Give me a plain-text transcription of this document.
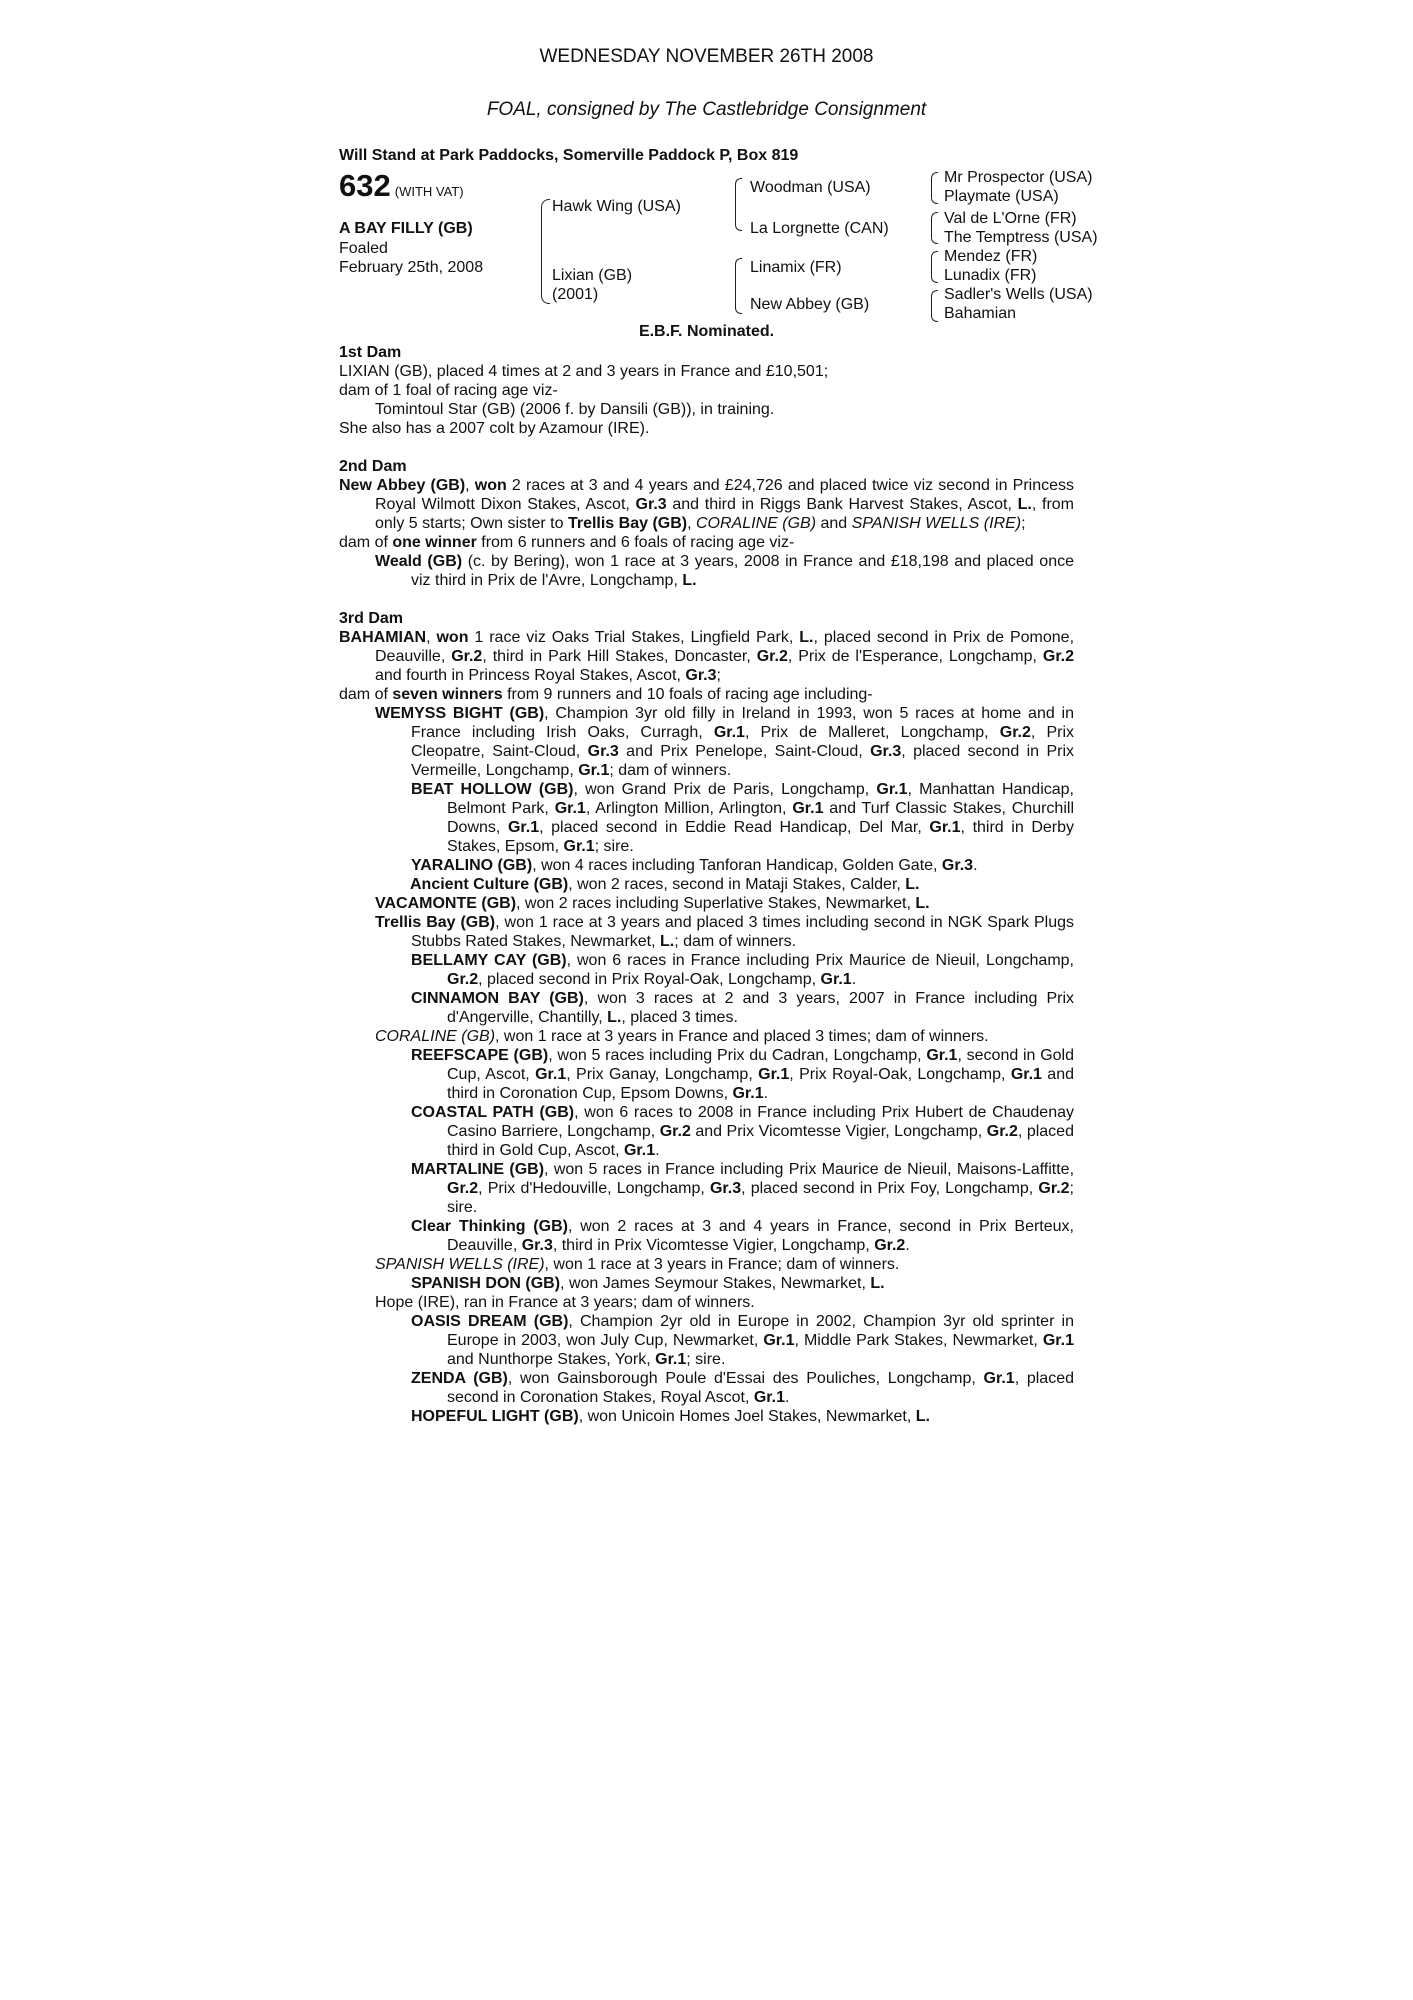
WEDNESDAY NOVEMBER 26TH 2008
FOAL, consigned by The Castlebridge Consignment
Will Stand at Park Paddocks, Somerville Paddock P, Box 819
632 (WITH VAT)
A BAY FILLY (GB)
Foaled
February 25th, 2008
Hawk Wing (USA)
Lixian (GB)
(2001)
Woodman (USA)
La Lorgnette (CAN)
Linamix (FR)
New Abbey (GB)
Mr Prospector (USA)
Playmate (USA)
Val de L'Orne (FR)
The Temptress (USA)
Mendez (FR)
Lunadix (FR)
Sadler's Wells (USA)
Bahamian
E.B.F. Nominated.

1st Dam

LIXIAN (GB), placed 4 times at 2 and 3 years in France and £10,501;

dam of 1 foal of racing age viz-

Tomintoul Star (GB) (2006 f. by Dansili (GB)), in training.

She also has a 2007 colt by Azamour (IRE).

2nd Dam

New Abbey (GB), won 2 races at 3 and 4 years and £24,726 and placed twice viz second in Princess Royal Wilmott Dixon Stakes, Ascot, Gr.3 and third in Riggs Bank Harvest Stakes, Ascot, L., from only 5 starts; Own sister to Trellis Bay (GB), CORALINE (GB) and SPANISH WELLS (IRE);

dam of one winner from 6 runners and 6 foals of racing age viz-

Weald (GB) (c. by Bering), won 1 race at 3 years, 2008 in France and £18,198 and placed once viz third in Prix de l'Avre, Longchamp, L.

3rd Dam

BAHAMIAN, won 1 race viz Oaks Trial Stakes, Lingfield Park, L., placed second in Prix de Pomone, Deauville, Gr.2, third in Park Hill Stakes, Doncaster, Gr.2, Prix de l'Esperance, Longchamp, Gr.2 and fourth in Princess Royal Stakes, Ascot, Gr.3;

dam of seven winners from 9 runners and 10 foals of racing age including-

WEMYSS BIGHT (GB), Champion 3yr old filly in Ireland in 1993, won 5 races at home and in France including Irish Oaks, Curragh, Gr.1, Prix de Malleret, Longchamp, Gr.2, Prix Cleopatre, Saint-Cloud, Gr.3 and Prix Penelope, Saint-Cloud, Gr.3, placed second in Prix Vermeille, Longchamp, Gr.1; dam of winners.

BEAT HOLLOW (GB), won Grand Prix de Paris, Longchamp, Gr.1, Manhattan Handicap, Belmont Park, Gr.1, Arlington Million, Arlington, Gr.1 and Turf Classic Stakes, Churchill Downs, Gr.1, placed second in Eddie Read Handicap, Del Mar, Gr.1, third in Derby Stakes, Epsom, Gr.1; sire.

YARALINO (GB), won 4 races including Tanforan Handicap, Golden Gate, Gr.3.

Ancient Culture (GB), won 2 races, second in Mataji Stakes, Calder, L.

VACAMONTE (GB), won 2 races including Superlative Stakes, Newmarket, L.

Trellis Bay (GB), won 1 race at 3 years and placed 3 times including second in NGK Spark Plugs Stubbs Rated Stakes, Newmarket, L.; dam of winners.

BELLAMY CAY (GB), won 6 races in France including Prix Maurice de Nieuil, Longchamp, Gr.2, placed second in Prix Royal-Oak, Longchamp, Gr.1.

CINNAMON BAY (GB), won 3 races at 2 and 3 years, 2007 in France including Prix d'Angerville, Chantilly, L., placed 3 times.

CORALINE (GB), won 1 race at 3 years in France and placed 3 times; dam of winners.

REEFSCAPE (GB), won 5 races including Prix du Cadran, Longchamp, Gr.1, second in Gold Cup, Ascot, Gr.1, Prix Ganay, Longchamp, Gr.1, Prix Royal-Oak, Longchamp, Gr.1 and third in Coronation Cup, Epsom Downs, Gr.1.

COASTAL PATH (GB), won 6 races to 2008 in France including Prix Hubert de Chaudenay Casino Barriere, Longchamp, Gr.2 and Prix Vicomtesse Vigier, Longchamp, Gr.2, placed third in Gold Cup, Ascot, Gr.1.

MARTALINE (GB), won 5 races in France including Prix Maurice de Nieuil, Maisons-Laffitte, Gr.2, Prix d'Hedouville, Longchamp, Gr.3, placed second in Prix Foy, Longchamp, Gr.2; sire.

Clear Thinking (GB), won 2 races at 3 and 4 years in France, second in Prix Berteux, Deauville, Gr.3, third in Prix Vicomtesse Vigier, Longchamp, Gr.2.

SPANISH WELLS (IRE), won 1 race at 3 years in France; dam of winners.

SPANISH DON (GB), won James Seymour Stakes, Newmarket, L.

Hope (IRE), ran in France at 3 years; dam of winners.

OASIS DREAM (GB), Champion 2yr old in Europe in 2002, Champion 3yr old sprinter in Europe in 2003, won July Cup, Newmarket, Gr.1, Middle Park Stakes, Newmarket, Gr.1 and Nunthorpe Stakes, York, Gr.1; sire.

ZENDA (GB), won Gainsborough Poule d'Essai des Pouliches, Longchamp, Gr.1, placed second in Coronation Stakes, Royal Ascot, Gr.1.

HOPEFUL LIGHT (GB), won Unicoin Homes Joel Stakes, Newmarket, L.
